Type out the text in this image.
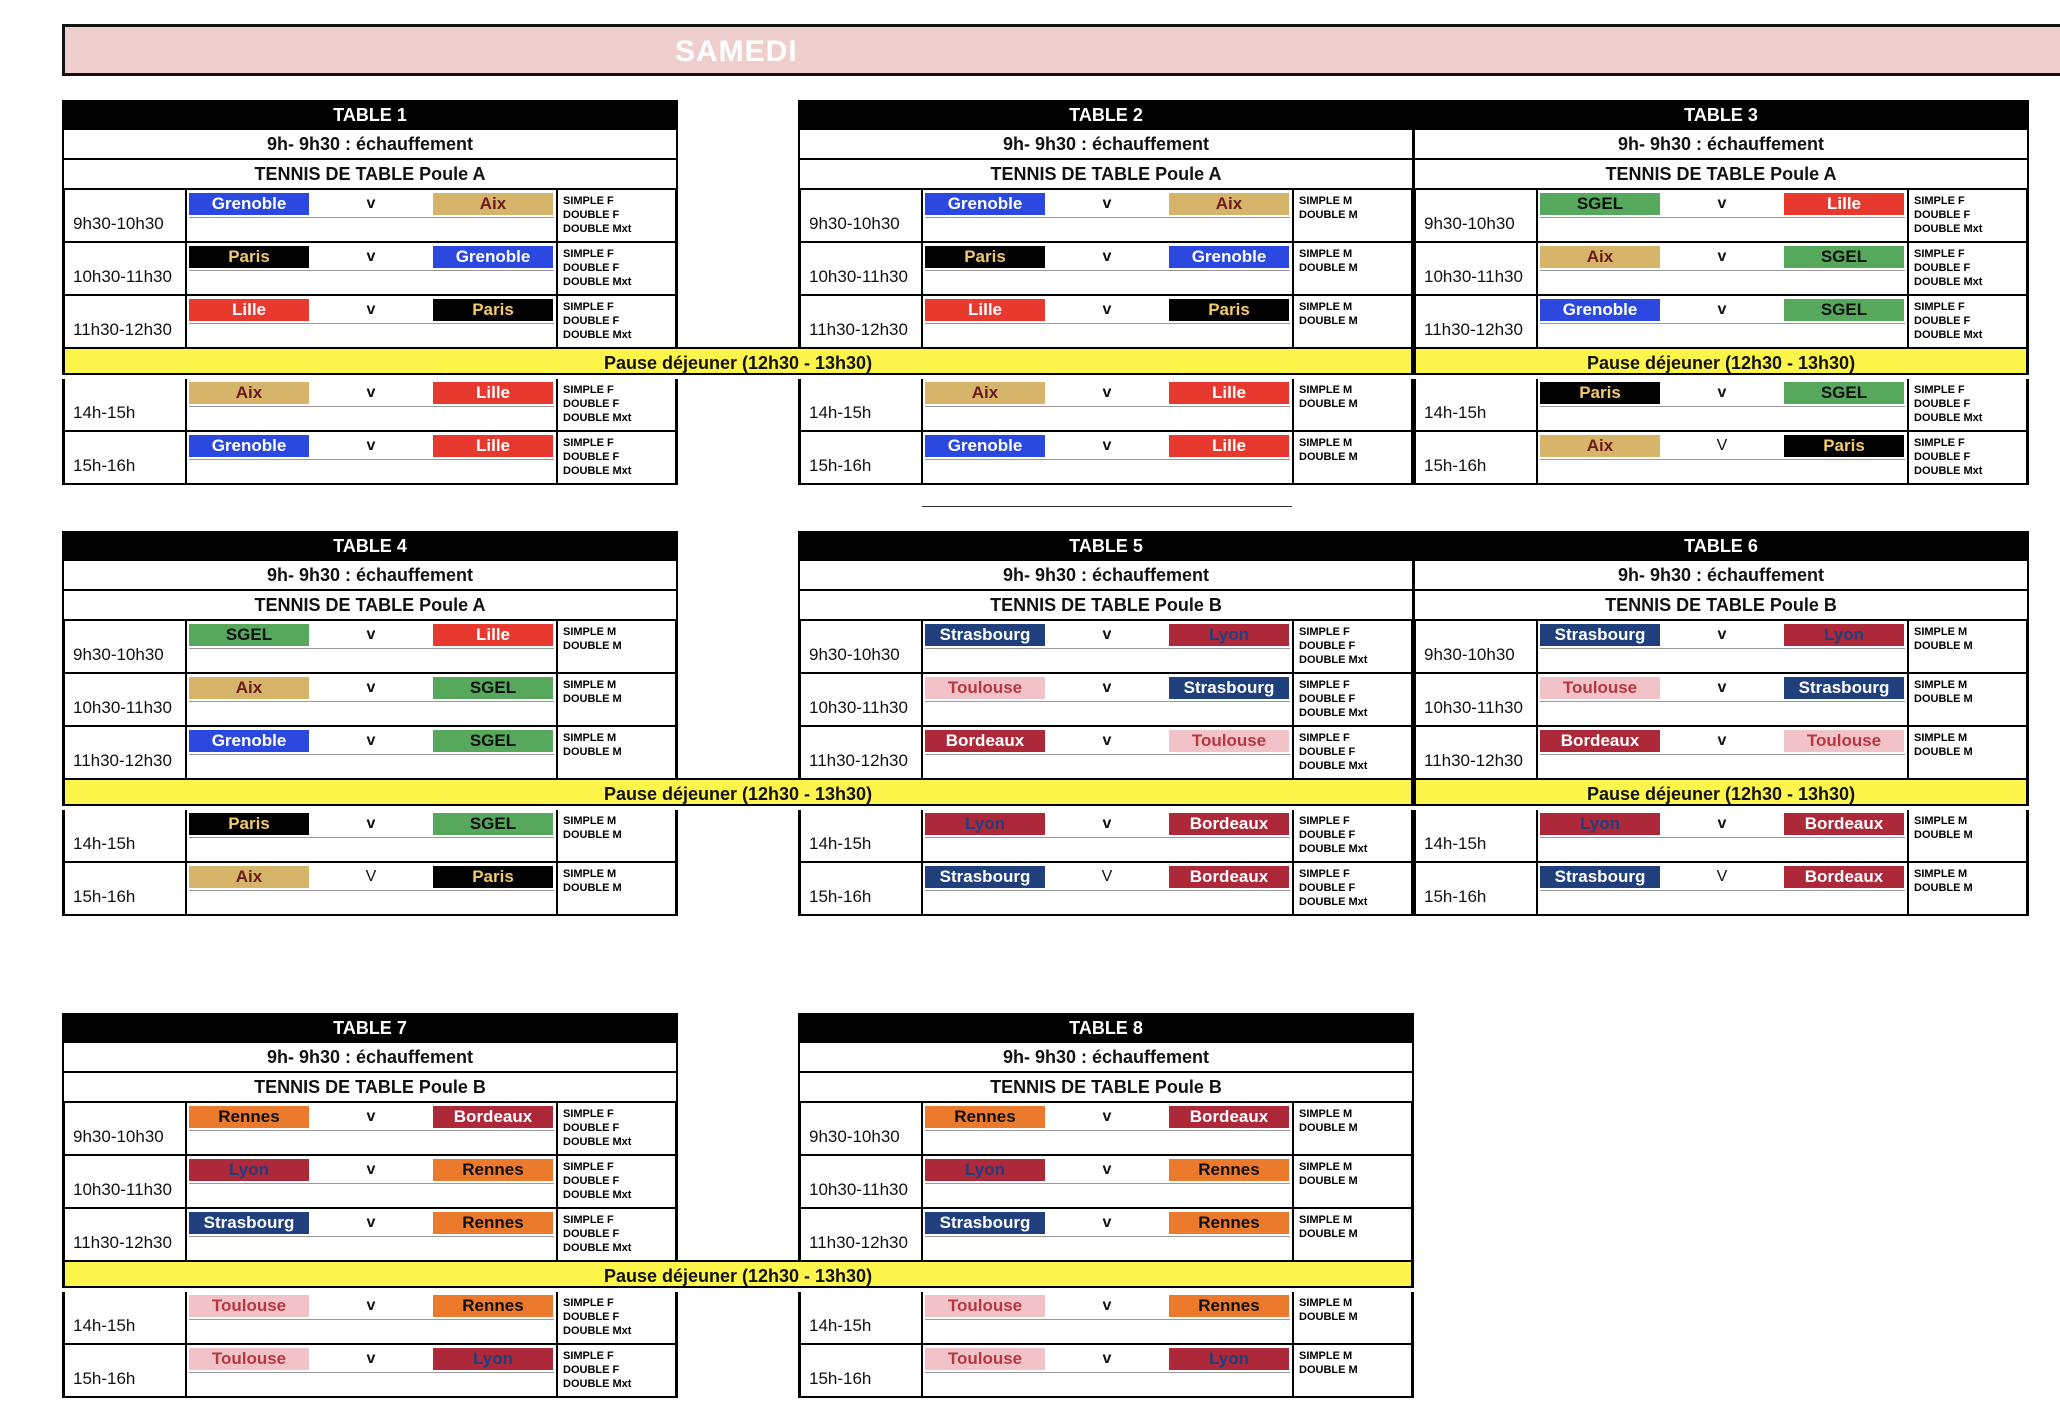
SAMEDI
TABLE 1
9h- 9h30 : échauffement
TENNIS DE TABLE Poule A
9h30-10h30
Grenoble	v	Aix	SIMPLE F
DOUBLE F
DOUBLE Mxt
10h30-11h30
Paris	v	Grenoble	SIMPLE F
DOUBLE F
DOUBLE Mxt
11h30-12h30
Lille	v	Paris	SIMPLE F
DOUBLE F
DOUBLE Mxt
14h-15h
Aix	v	Lille	SIMPLE F
DOUBLE F
DOUBLE Mxt
15h-16h
Grenoble	v	Lille	SIMPLE F
DOUBLE F
DOUBLE Mxt
TABLE 2
9h- 9h30 : échauffement
TENNIS DE TABLE Poule A
9h30-10h30
Grenoble	v	Aix	SIMPLE M
DOUBLE M
10h30-11h30
Paris	v	Grenoble	SIMPLE M
DOUBLE M
11h30-12h30
Lille	v	Paris	SIMPLE M
DOUBLE M
14h-15h
Aix	v	Lille	SIMPLE M
DOUBLE M
15h-16h
Grenoble	v	Lille	SIMPLE M
DOUBLE M
TABLE 3
9h- 9h30 : échauffement
TENNIS DE TABLE Poule A
9h30-10h30
SGEL	v	Lille	SIMPLE F
DOUBLE F
DOUBLE Mxt
10h30-11h30
Aix	v	SGEL	SIMPLE F
DOUBLE F
DOUBLE Mxt
11h30-12h30
Grenoble	v	SGEL	SIMPLE F
DOUBLE F
DOUBLE Mxt
14h-15h
Paris	v	SGEL	SIMPLE F
DOUBLE F
DOUBLE Mxt
15h-16h
Aix	V	Paris	SIMPLE F
DOUBLE F
DOUBLE Mxt
TABLE 4
9h- 9h30 : échauffement
TENNIS DE TABLE Poule A
9h30-10h30
SGEL	v	Lille	SIMPLE M
DOUBLE M
10h30-11h30
Aix	v	SGEL	SIMPLE M
DOUBLE M
11h30-12h30
Grenoble	v	SGEL	SIMPLE M
DOUBLE M
14h-15h
Paris	v	SGEL	SIMPLE M
DOUBLE M
15h-16h
Aix	V	Paris	SIMPLE M
DOUBLE M
TABLE 5
9h- 9h30 : échauffement
TENNIS DE TABLE Poule B
9h30-10h30
Strasbourg	v	Lyon	SIMPLE F
DOUBLE F
DOUBLE Mxt
10h30-11h30
Toulouse	v	Strasbourg	SIMPLE F
DOUBLE F
DOUBLE Mxt
11h30-12h30
Bordeaux	v	Toulouse	SIMPLE F
DOUBLE F
DOUBLE Mxt
14h-15h
Lyon	v	Bordeaux	SIMPLE F
DOUBLE F
DOUBLE Mxt
15h-16h
Strasbourg	V	Bordeaux	SIMPLE F
DOUBLE F
DOUBLE Mxt
TABLE 6
9h- 9h30 : échauffement
TENNIS DE TABLE Poule B
9h30-10h30
Strasbourg	v	Lyon	SIMPLE M
DOUBLE M
10h30-11h30
Toulouse	v	Strasbourg	SIMPLE M
DOUBLE M
11h30-12h30
Bordeaux	v	Toulouse	SIMPLE M
DOUBLE M
14h-15h
Lyon	v	Bordeaux	SIMPLE M
DOUBLE M
15h-16h
Strasbourg	V	Bordeaux	SIMPLE M
DOUBLE M
TABLE 7
9h- 9h30 : échauffement
TENNIS DE TABLE Poule B
9h30-10h30
Rennes	v	Bordeaux	SIMPLE F
DOUBLE F
DOUBLE Mxt
10h30-11h30
Lyon	v	Rennes	SIMPLE F
DOUBLE F
DOUBLE Mxt
11h30-12h30
Strasbourg	v	Rennes	SIMPLE F
DOUBLE F
DOUBLE Mxt
14h-15h
Toulouse	v	Rennes	SIMPLE F
DOUBLE F
DOUBLE Mxt
15h-16h
Toulouse	v	Lyon	SIMPLE F
DOUBLE F
DOUBLE Mxt
TABLE 8
9h- 9h30 : échauffement
TENNIS DE TABLE Poule B
9h30-10h30
Rennes	v	Bordeaux	SIMPLE M
DOUBLE M
10h30-11h30
Lyon	v	Rennes	SIMPLE M
DOUBLE M
11h30-12h30
Strasbourg	v	Rennes	SIMPLE M
DOUBLE M
14h-15h
Toulouse	v	Rennes	SIMPLE M
DOUBLE M
15h-16h
Toulouse	v	Lyon	SIMPLE M
DOUBLE M
Pause déjeuner (12h30 - 13h30)	Pause déjeuner (12h30 - 13h30)
Pause déjeuner (12h30 - 13h30)	Pause déjeuner (12h30 - 13h30)
Pause déjeuner (12h30 - 13h30)
